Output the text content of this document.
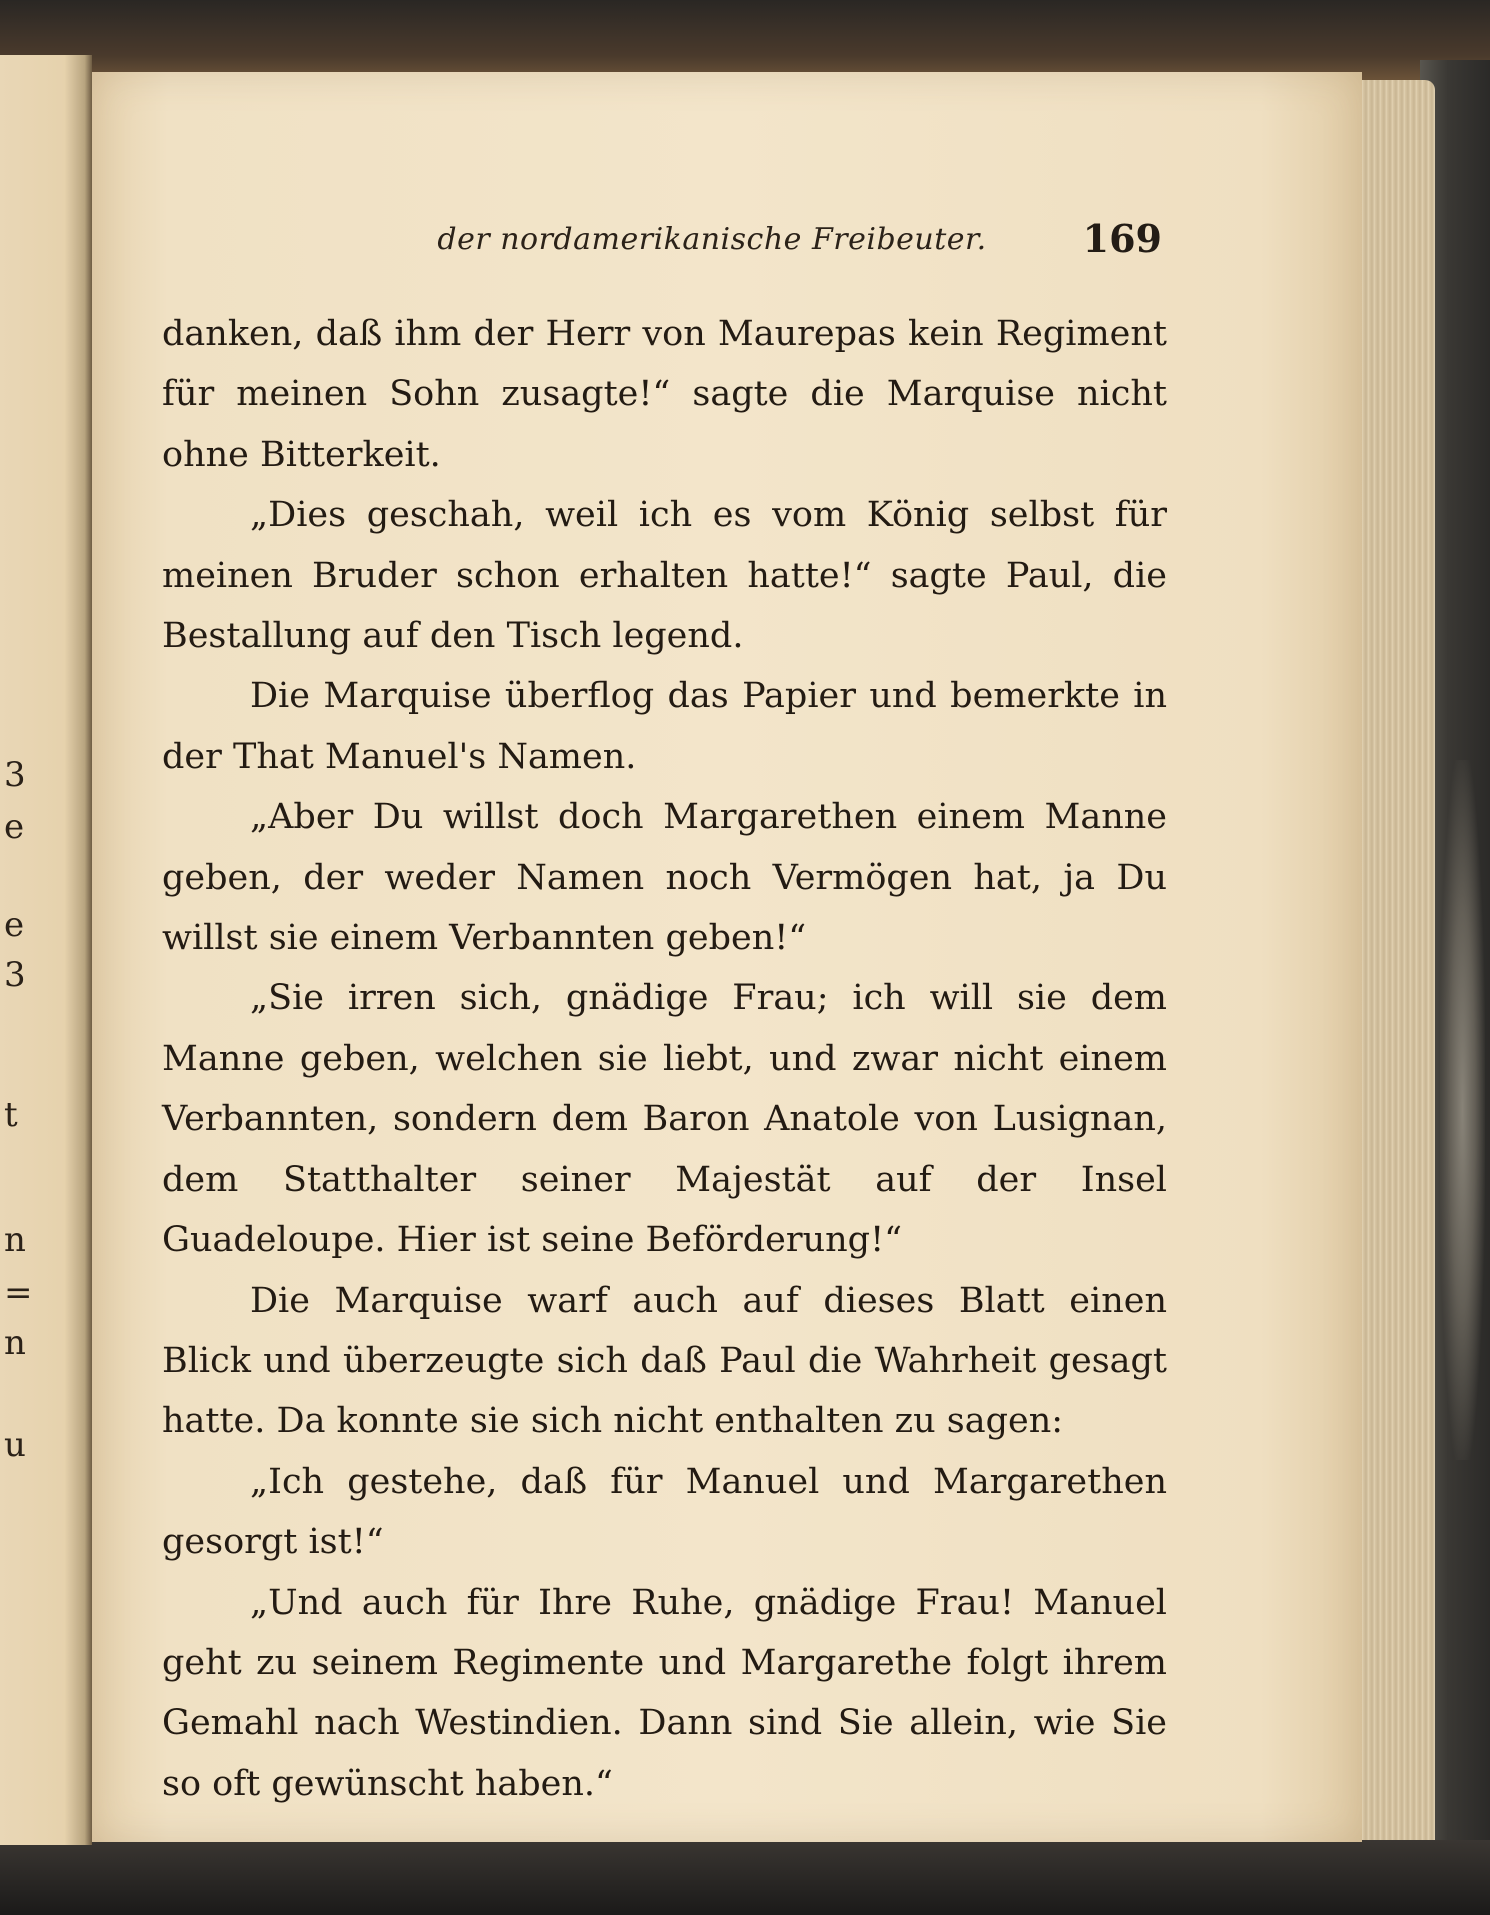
3
e
e
3
t
n
=
n
u
der nordamerikanische Freibeuter.	169

danken, daß ihm der Herr von Maurepas kein Regiment für meinen Sohn zusagte!“ sagte die Marquise nicht ohne Bitterkeit.

„Dies geschah, weil ich es vom König selbst für meinen Bruder schon erhalten hatte!“ sagte Paul, die Bestallung auf den Tisch legend.

Die Marquise überflog das Papier und bemerkte in der That Manuel's Namen.

„Aber Du willst doch Margarethen einem Manne geben, der weder Namen noch Vermögen hat, ja Du willst sie einem Verbannten geben!“

„Sie irren sich, gnädige Frau; ich will sie dem Manne geben, welchen sie liebt, und zwar nicht einem Verbannten, sondern dem Baron Anatole von Lusignan, dem Statthalter seiner Majestät auf der Insel Guadeloupe. Hier ist seine Beförderung!“

Die Marquise warf auch auf dieses Blatt einen Blick und überzeugte sich daß Paul die Wahrheit gesagt hatte. Da konnte sie sich nicht enthalten zu sagen:

„Ich gestehe, daß für Manuel und Margarethen gesorgt ist!“

„Und auch für Ihre Ruhe, gnädige Frau! Manuel geht zu seinem Regimente und Margarethe folgt ihrem Gemahl nach Westindien. Dann sind Sie allein, wie Sie so oft gewünscht haben.“
